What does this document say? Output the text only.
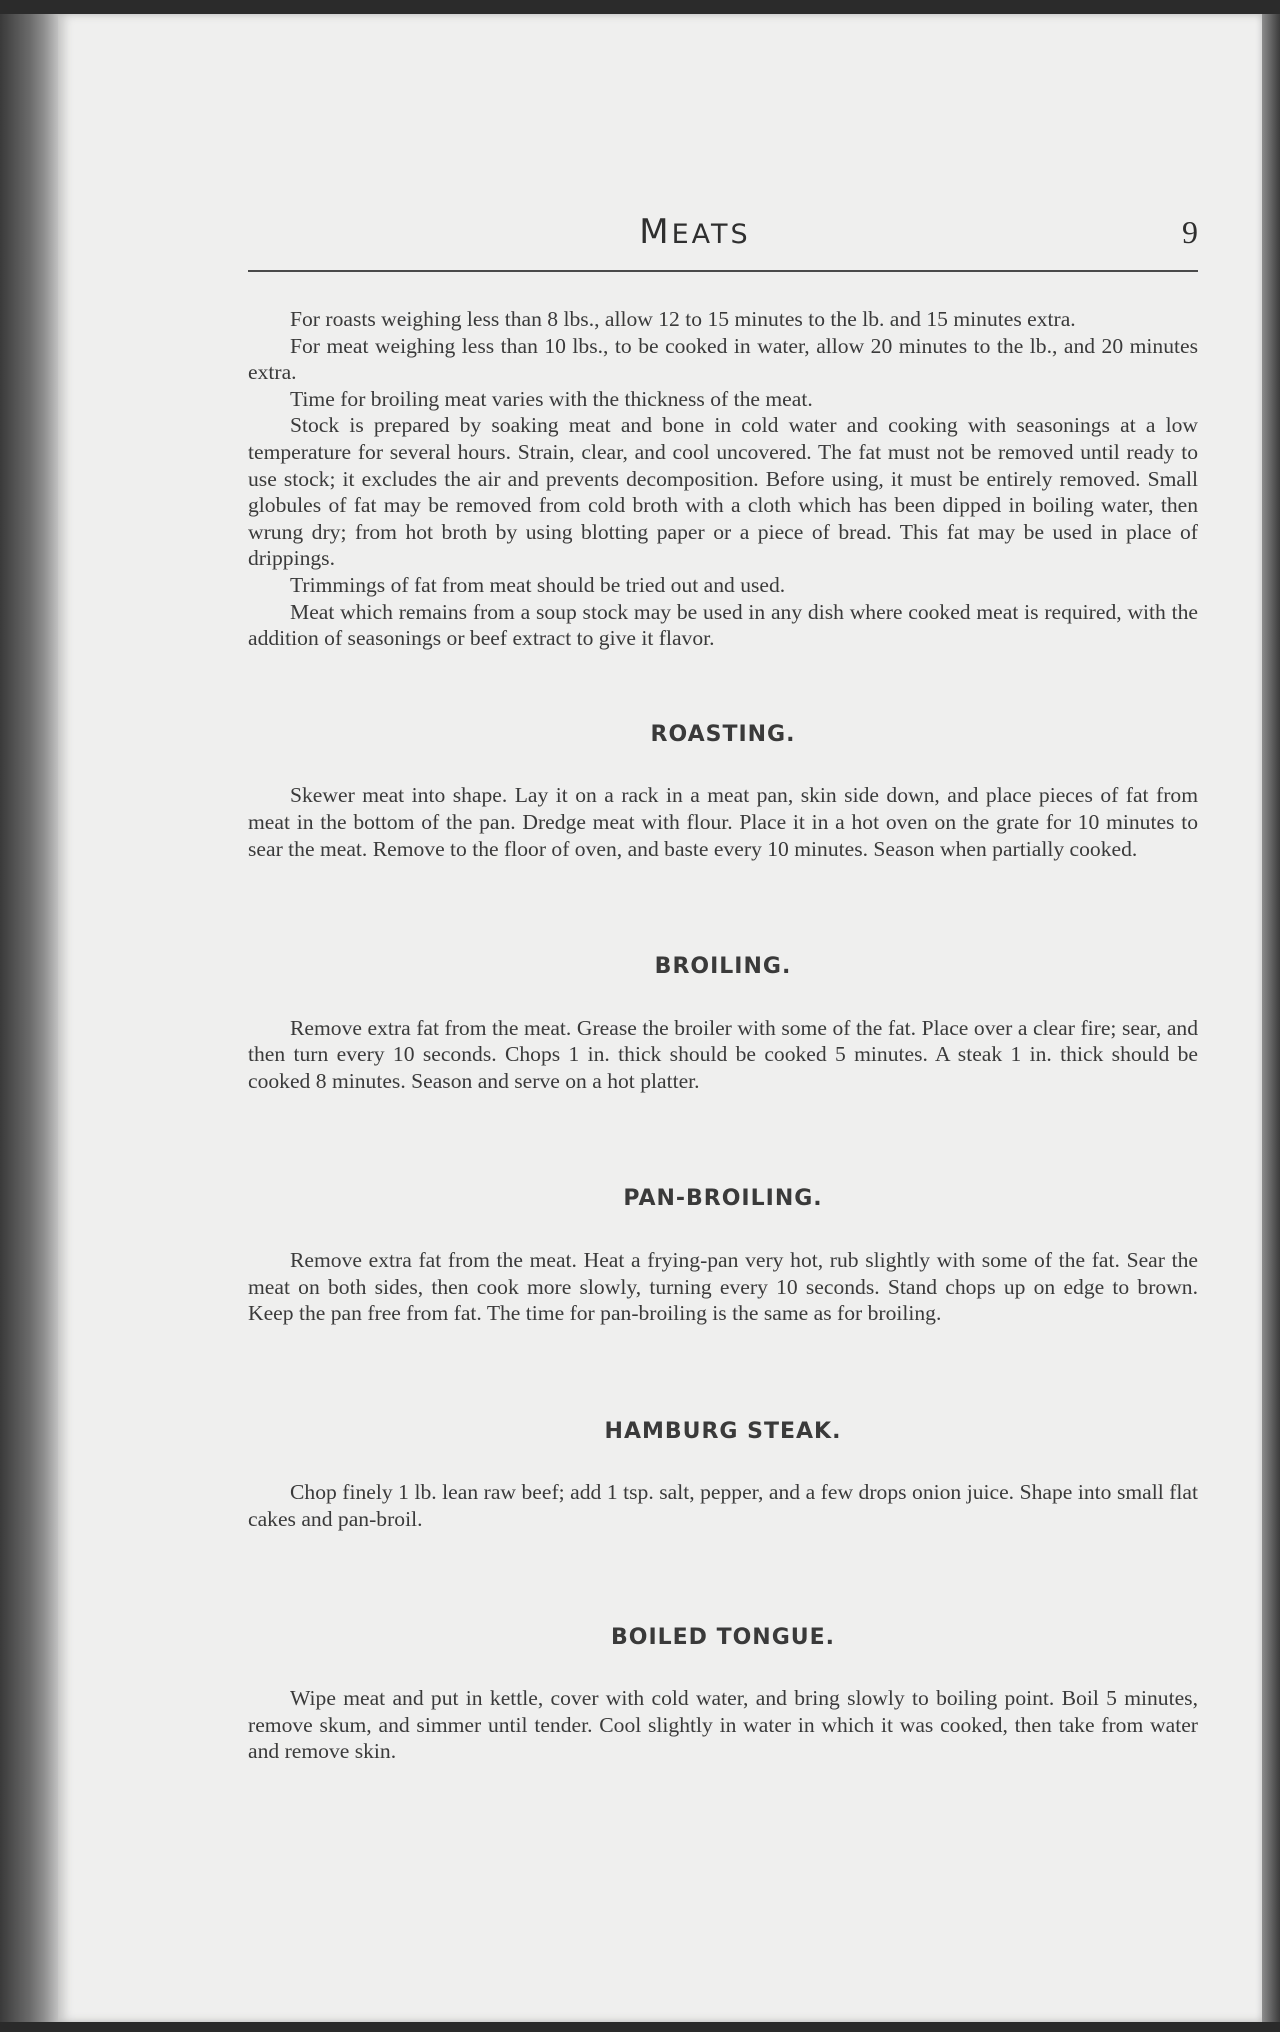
MEATS	9

For roasts weighing less than 8 lbs., allow 12 to 15 minutes to the lb. and 15 minutes extra.

For meat weighing less than 10 lbs., to be cooked in water, allow 20 minutes to the lb., and 20 minutes extra.

Time for broiling meat varies with the thickness of the meat.

Stock is prepared by soaking meat and bone in cold water and cooking with seasonings at a low temperature for several hours. Strain, clear, and cool uncovered. The fat must not be removed until ready to use stock; it excludes the air and prevents decomposition. Before using, it must be entirely removed. Small globules of fat may be removed from cold broth with a cloth which has been dipped in boiling water, then wrung dry; from hot broth by using blotting paper or a piece of bread. This fat may be used in place of drippings.

Trimmings of fat from meat should be tried out and used.

Meat which remains from a soup stock may be used in any dish where cooked meat is required, with the addition of seasonings or beef extract to give it flavor.

ROASTING.

Skewer meat into shape. Lay it on a rack in a meat pan, skin side down, and place pieces of fat from meat in the bottom of the pan. Dredge meat with flour. Place it in a hot oven on the grate for 10 minutes to sear the meat. Remove to the floor of oven, and baste every 10 minutes. Season when partially cooked.

BROILING.

Remove extra fat from the meat. Grease the broiler with some of the fat. Place over a clear fire; sear, and then turn every 10 seconds. Chops 1 in. thick should be cooked 5 minutes. A steak 1 in. thick should be cooked 8 minutes. Season and serve on a hot platter.

PAN-BROILING.

Remove extra fat from the meat. Heat a frying-pan very hot, rub slightly with some of the fat. Sear the meat on both sides, then cook more slowly, turning every 10 seconds. Stand chops up on edge to brown. Keep the pan free from fat. The time for pan-broiling is the same as for broiling.

HAMBURG STEAK.

Chop finely 1 lb. lean raw beef; add 1 tsp. salt, pepper, and a few drops onion juice. Shape into small flat cakes and pan-broil.

BOILED TONGUE.

Wipe meat and put in kettle, cover with cold water, and bring slowly to boiling point. Boil 5 minutes, remove skum, and simmer until tender. Cool slightly in water in which it was cooked, then take from water and remove skin.
